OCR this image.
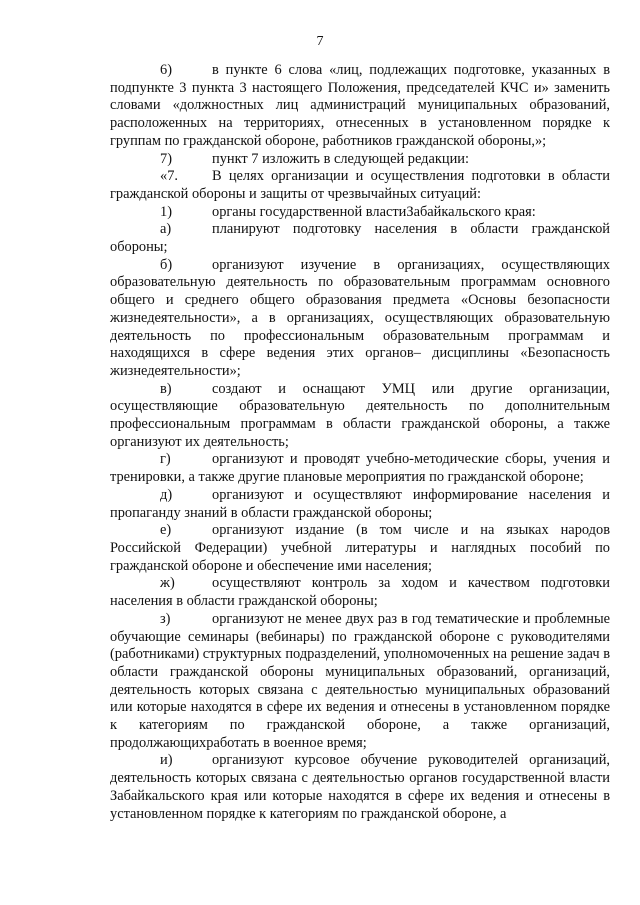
7

6)	в пункте 6 слова «лиц, подлежащих подготовке, указанных в подпункте 3 пункта 3 настоящего Положения, председателей КЧС и» заменить словами «должностных лиц администраций муниципальных образований, расположенных на территориях, отнесенных в установленном порядке к группам по гражданской обороне, работников гражданской обороны,»;

7)	пункт 7 изложить в следующей редакции:

«7. В целях организации и осуществления подготовки в области гражданской обороны и защиты от чрезвычайных ситуаций:

1)	органы государственной властиЗабайкальского края:

а)	планируют подготовку населения в области гражданской обороны;

б)	организуют изучение в организациях, осуществляющих образовательную деятельность по образовательным программам основного общего и среднего общего образования предмета «Основы безопасности жизнедеятельности», а в организациях, осуществляющих образовательную деятельность по профессиональным образовательным программам и находящихся в сфере ведения этих органов– дисциплины «Безопасность жизнедеятельности»;

в)	создают и оснащают УМЦ или другие организации, осуществляющие образовательную деятельность по дополнительным профессиональным программам в области гражданской обороны, а также организуют их деятельность;

г)	организуют и проводят учебно-методические сборы, учения и тренировки, а также другие плановые мероприятия по гражданской обороне;

д)	организуют и осуществляют информирование населения и пропаганду знаний в области гражданской обороны;

е)	организуют издание (в том числе и на языках народов Российской Федерации) учебной литературы и наглядных пособий по гражданской обороне и обеспечение ими населения;

ж)	осуществляют контроль за ходом и качеством подготовки населения в области гражданской обороны;

з)	организуют не менее двух раз в год тематические и проблемные обучающие семинары (вебинары) по гражданской обороне с руководителями (работниками) структурных подразделений, уполномоченных на решение задач в области гражданской обороны муниципальных образований, организаций, деятельность которых связана с деятельностью муниципальных образований или которые находятся в сфере их ведения и отнесены в установленном порядке к категориям по гражданской обороне, а также организаций, продолжающихработать в военное время;

и)	организуют курсовое обучение руководителей организаций, деятельность которых связана с деятельностью органов государственной власти Забайкальского края или которые находятся в сфере их ведения и отнесены в установленном порядке к категориям по гражданской обороне, а
